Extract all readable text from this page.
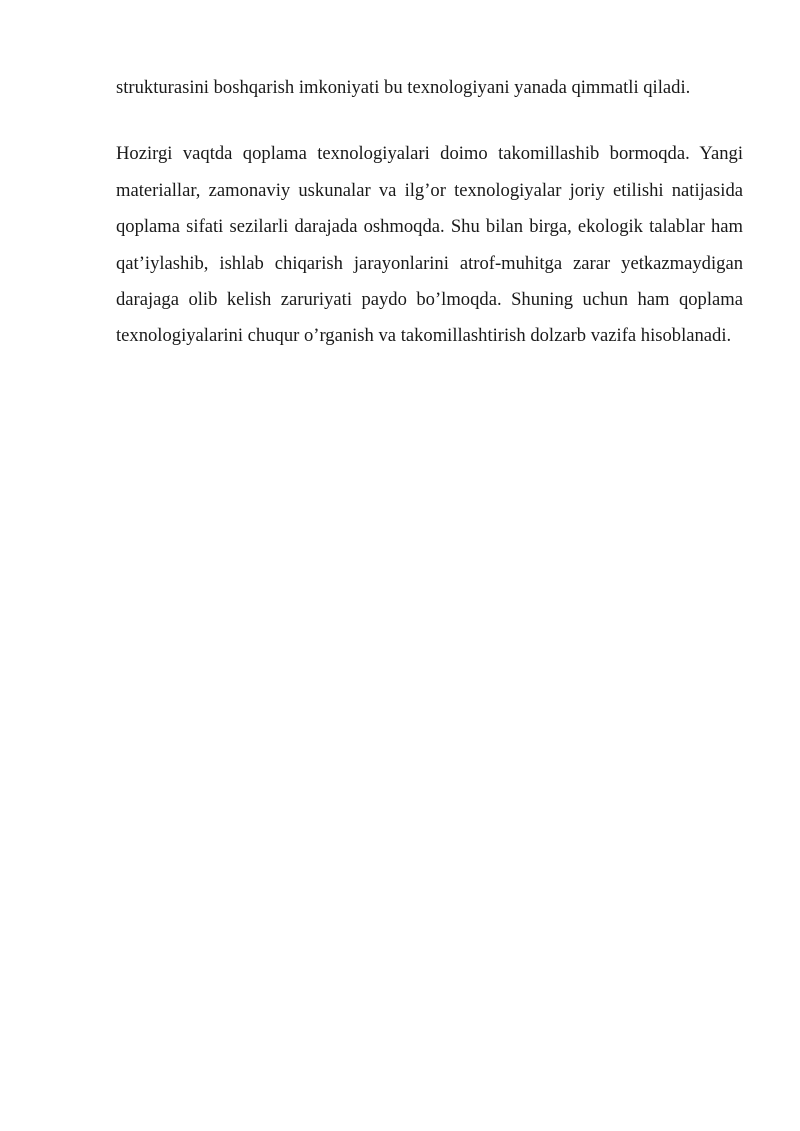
strukturasini boshqarish imkoniyati bu texnologiyani yanada qimmatli qiladi.

Hozirgi vaqtda qoplama texnologiyalari doimo takomillashib bormoqda. Yangi materiallar, zamonaviy uskunalar va ilg’or texnologiyalar joriy etilishi natijasida qoplama sifati sezilarli darajada oshmoqda. Shu bilan birga, ekologik talablar ham qat’iylashib, ishlab chiqarish jarayonlarini atrof-muhitga zarar yetkazmaydigan darajaga olib kelish zaruriyati paydo bo’lmoqda. Shuning uchun ham qoplama texnologiyalarini chuqur o’rganish va takomillashtirish dolzarb vazifa hisoblanadi.
